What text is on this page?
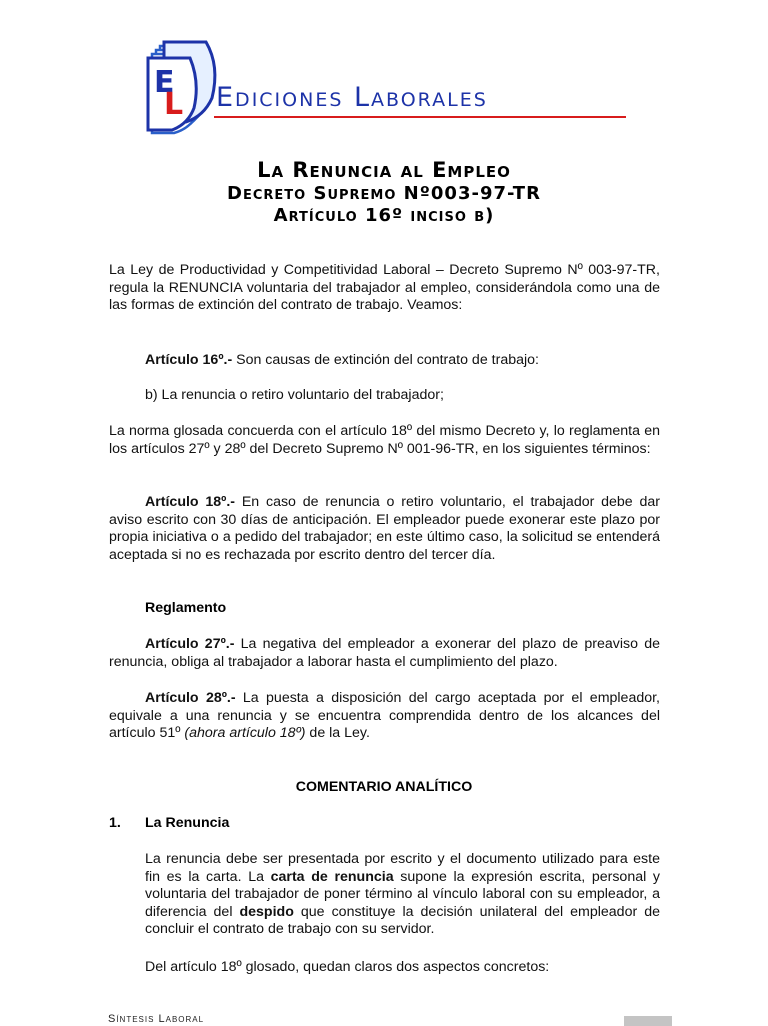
E
L Ediciones Laborales
La Renuncia al Empleo
Decreto Supremo Nº003-97-TR
Artículo 16º inciso b)
La Ley de Productividad y Competitividad Laboral – Decreto Supremo Nº 003-97-TR, regula la RENUNCIA voluntaria del trabajador al empleo, considerándola como una de las formas de extinción del contrato de trabajo. Veamos:
Artículo 16º.- Son causas de extinción del contrato de trabajo:
b) La renuncia o retiro voluntario del trabajador;
La norma glosada concuerda con el artículo 18º del mismo Decreto y, lo reglamenta en los artículos 27º y 28º del Decreto Supremo Nº 001-96-TR, en los siguientes términos:
Artículo 18º.- En caso de renuncia o retiro voluntario, el trabajador debe dar aviso escrito con 30 días de anticipación. El empleador puede exonerar este plazo por propia iniciativa o a pedido del trabajador; en este último caso, la solicitud se entenderá aceptada si no es rechazada por escrito dentro del tercer día.
Reglamento
Artículo 27º.- La negativa del empleador a exonerar del plazo de preaviso de renuncia, obliga al trabajador a laborar hasta el cumplimiento del plazo.
Artículo 28º.- La puesta a disposición del cargo aceptada por el empleador, equivale a una renuncia y se encuentra comprendida dentro de los alcances del artículo 51º (ahora artículo 18º) de la Ley.
COMENTARIO ANALÍTICO
1. La Renuncia
La renuncia debe ser presentada por escrito y el documento utilizado para este fin es la carta. La carta de renuncia supone la expresión escrita, personal y voluntaria del trabajador de poner término al vínculo laboral con su empleador, a diferencia del despido que constituye la decisión unilateral del empleador de concluir el contrato de trabajo con su servidor.
Del artículo 18º glosado, quedan claros dos aspectos concretos:
Síntesis Laboral
